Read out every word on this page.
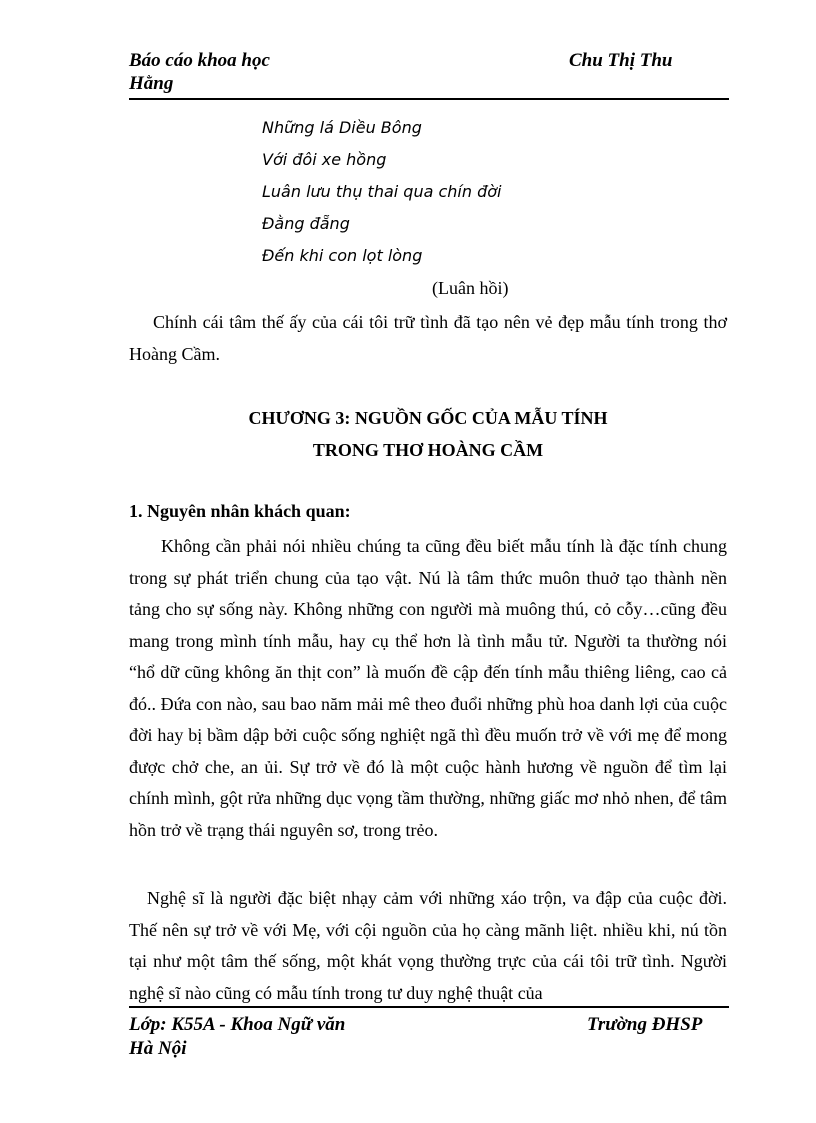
Báo cáo khoa học
Hằng
Chu Thị Thu
Những lá Diều Bông
Với đôi xe hồng
Luân lưu thụ thai qua chín đời
Đằng đẵng
Đến khi con lọt lòng
(Luân hồi)
Chính cái tâm thế ấy của cái tôi trữ tình đã tạo nên vẻ đẹp mẫu tính trong thơ Hoàng Cầm.
CHƯƠNG 3: NGUỒN GỐC CỦA MẪU TÍNH
TRONG THƠ HOÀNG CẦM
1. Nguyên nhân khách quan:
Không cần phải nói nhiều chúng ta cũng đều biết mẫu tính là đặc tính chung trong sự phát triển chung của tạo vật. Nú là tâm thức muôn thuở tạo thành nền tảng cho sự sống này. Không những con người mà muông thú, cỏ cỗy…cũng đều mang trong mình tính mẫu, hay cụ thể hơn là tình mẫu tử. Người ta thường nói “hổ dữ cũng không ăn thịt con” là muốn đề cập đến tính mẫu thiêng liêng, cao cả đó.. Đứa con nào, sau bao năm mải mê theo đuổi những phù hoa danh lợi của cuộc đời hay bị bầm dập bởi cuộc sống nghiệt ngã thì đều muốn trở về với mẹ để mong được chở che, an ủi. Sự trở về đó là một cuộc hành hương về nguồn để tìm lại chính mình, gột rửa những dục vọng tầm thường, những giấc mơ nhỏ nhen, để tâm hồn trở về trạng thái nguyên sơ, trong trẻo.
Nghệ sĩ là người đặc biệt nhạy cảm với những xáo trộn, va đập của cuộc đời. Thế nên sự trở về với Mẹ, với cội nguồn của họ càng mãnh liệt. nhiều khi, nú tồn tại như một tâm thế sống, một khát vọng thường trực của cái tôi trữ tình. Người nghệ sĩ nào cũng có mẫu tính trong tư duy nghệ thuật của
Lớp: K55A - Khoa Ngữ văn
Hà Nội
Trường ĐHSP
